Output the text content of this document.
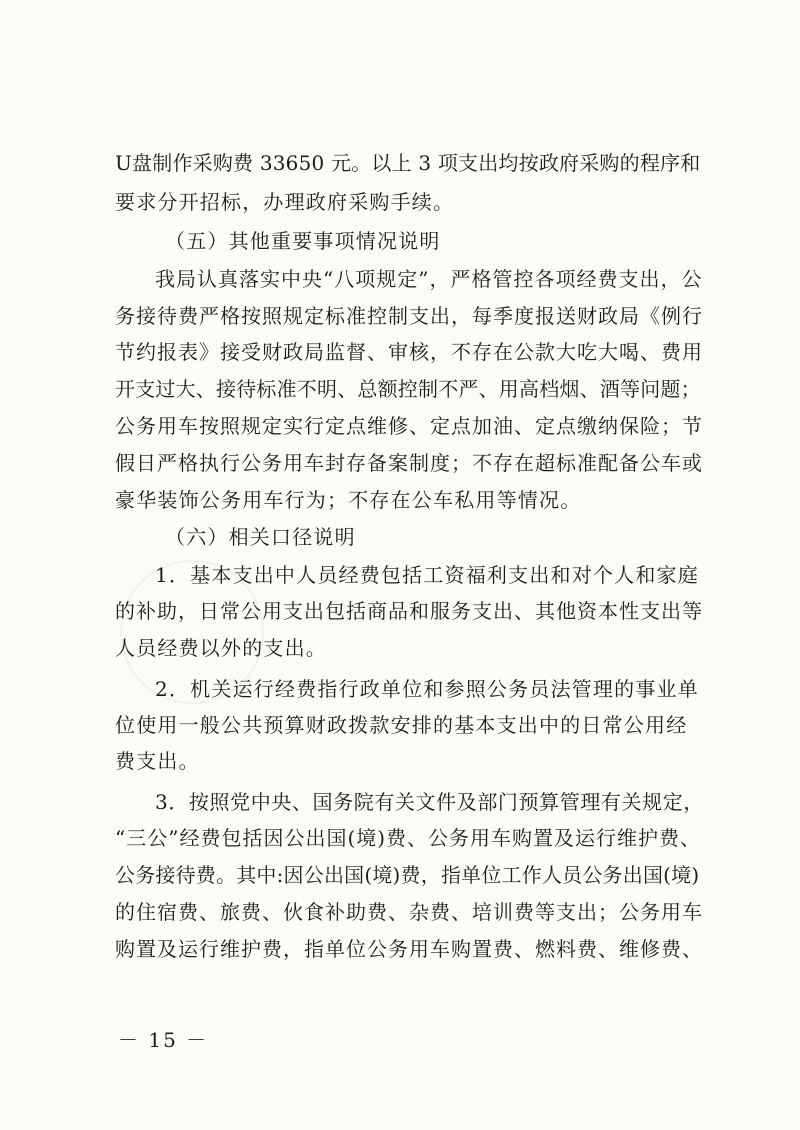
U盘制作采购费 33650 元。以上 3 项支出均按政府采购的程序和
要求分开招标，办理政府采购手续。
（五）其他重要事项情况说明
我局认真落实中央“八项规定”，严格管控各项经费支出，公
务接待费严格按照规定标准控制支出，每季度报送财政局《例行
节约报表》接受财政局监督、审核，不存在公款大吃大喝、费用
开支过大、接待标准不明、总额控制不严、用高档烟、酒等问题；
公务用车按照规定实行定点维修、定点加油、定点缴纳保险；节
假日严格执行公务用车封存备案制度；不存在超标准配备公车或
豪华装饰公务用车行为；不存在公车私用等情况。
（六）相关口径说明
1．基本支出中人员经费包括工资福利支出和对个人和家庭
的补助，日常公用支出包括商品和服务支出、其他资本性支出等
人员经费以外的支出。
2．机关运行经费指行政单位和参照公务员法管理的事业单
位使用一般公共预算财政拨款安排的基本支出中的日常公用经
费支出。
3．按照党中央、国务院有关文件及部门预算管理有关规定，
“三公”经费包括因公出国(境)费、公务用车购置及运行维护费、
公务接待费。其中:因公出国(境)费，指单位工作人员公务出国(境)
的住宿费、旅费、伙食补助费、杂费、培训费等支出；公务用车
购置及运行维护费，指单位公务用车购置费、燃料费、维修费、
－ 15 －
